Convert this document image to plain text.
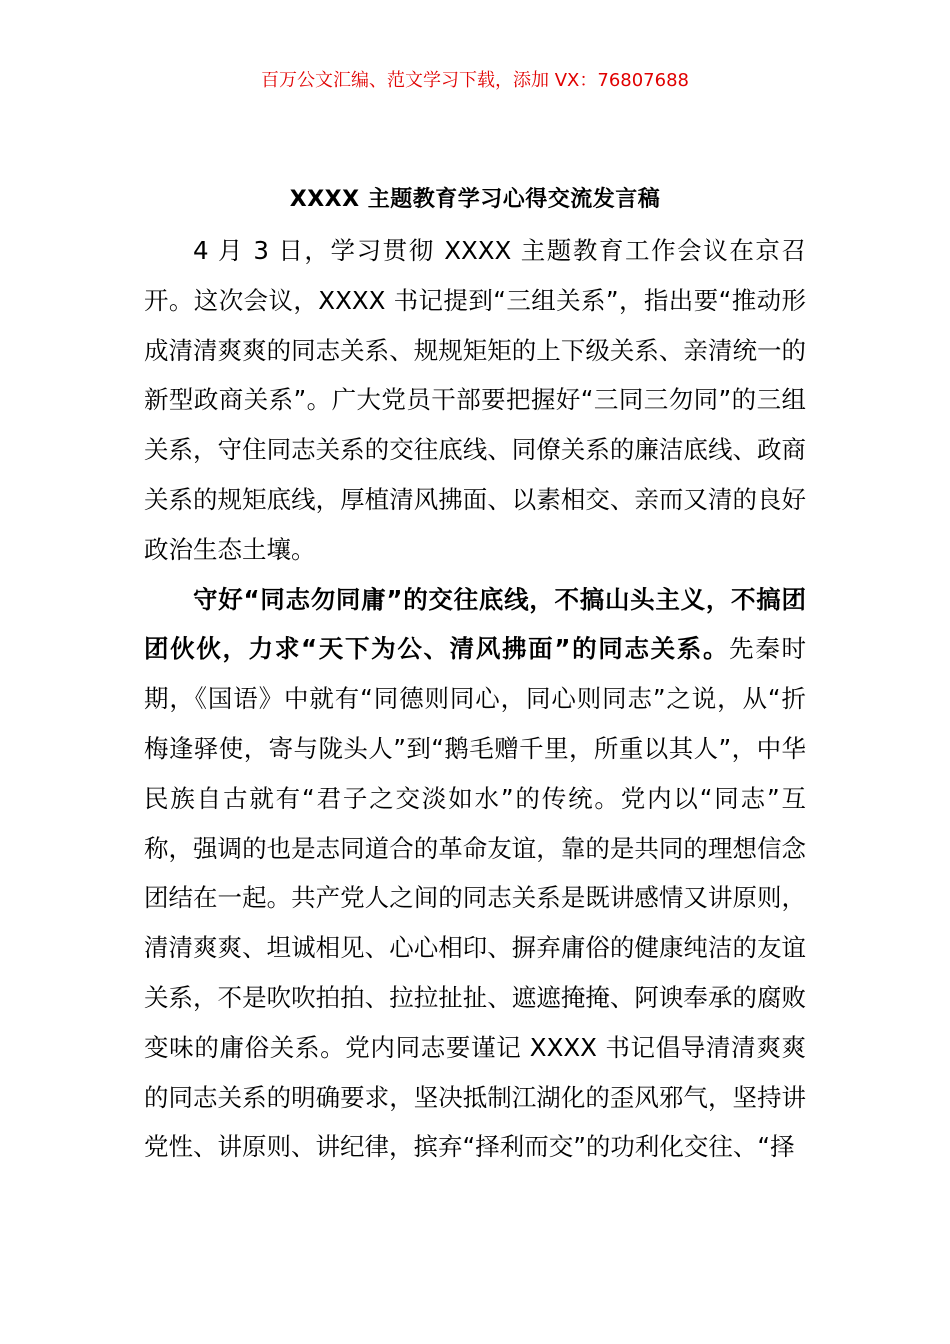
百万公文汇编、范文学习下载，添加 VX：76807688
XXXX 主题教育学习心得交流发言稿

4 月 3 日，学习贯彻 XXXX 主题教育工作会议在京召开。这次会议，XXXX 书记提到“三组关系”，指出要“推动形成清清爽爽的同志关系、规规矩矩的上下级关系、亲清统一的新型政商关系”。广大党员干部要把握好“三同三勿同”的三组关系，守住同志关系的交往底线、同僚关系的廉洁底线、政商关系的规矩底线，厚植清风拂面、以素相交、亲而又清的良好政治生态土壤。

守好“同志勿同庸”的交往底线，不搞山头主义，不搞团团伙伙，力求“天下为公、清风拂面”的同志关系。先秦时期，《国语》中就有“同德则同心，同心则同志”之说，从“折梅逢驿使，寄与陇头人”到“鹅毛赠千里，所重以其人”，中华民族自古就有“君子之交淡如水”的传统。党内以“同志”互称，强调的也是志同道合的革命友谊，靠的是共同的理想信念团结在一起。共产党人之间的同志关系是既讲感情又讲原则，清清爽爽、坦诚相见、心心相印、摒弃庸俗的健康纯洁的友谊关系，不是吹吹拍拍、拉拉扯扯、遮遮掩掩、阿谀奉承的腐败变味的庸俗关系。党内同志要谨记 XXXX 书记倡导清清爽爽的同志关系的明确要求，坚决抵制江湖化的歪风邪气，坚持讲党性、讲原则、讲纪律，摈弃“择利而交”的功利化交往、“择
